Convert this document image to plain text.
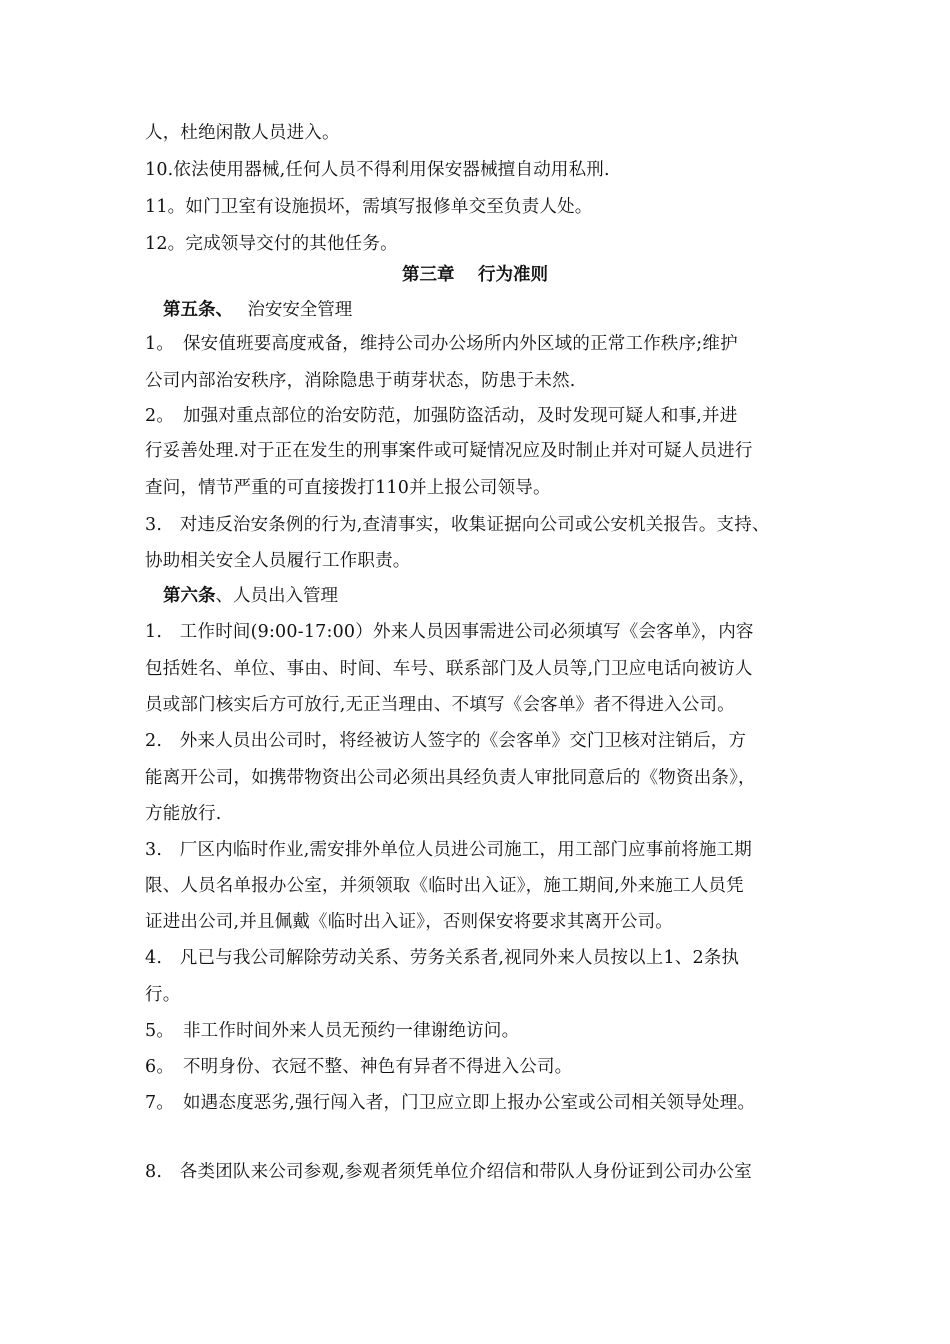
人，杜绝闲散人员进入。
10.依法使用器械,任何人员不得利用保安器械擅自动用私刑.
11。如门卫室有设施损坏，需填写报修单交至负责人处。
12。完成领导交付的其他任务。
第三章　 行为准则
第五条、　 治安安全管理
1。　保安值班要高度戒备，维持公司办公场所内外区域的正常工作秩序;维护
公司内部治安秩序，消除隐患于萌芽状态，防患于未然.
2。　加强对重点部位的治安防范，加强防盗活动，及时发现可疑人和事,并进
行妥善处理.对于正在发生的刑事案件或可疑情况应及时制止并对可疑人员进行
查问，情节严重的可直接拨打110并上报公司领导。
3.　对违反治安条例的行为,查清事实，收集证据向公司或公安机关报告。支持、
协助相关安全人员履行工作职责。
第六条、人员出入管理
1.　工作时间(9:00-17:00）外来人员因事需进公司必须填写《会客单》，内容
包括姓名、单位、事由、时间、车号、联系部门及人员等,门卫应电话向被访人
员或部门核实后方可放行,无正当理由、不填写《会客单》者不得进入公司。
2.　外来人员出公司时，将经被访人签字的《会客单》交门卫核对注销后，方
能离开公司，如携带物资出公司必须出具经负责人审批同意后的《物资出条》，
方能放行.
3.　厂区内临时作业,需安排外单位人员进公司施工，用工部门应事前将施工期
限、人员名单报办公室，并须领取《临时出入证》，施工期间,外来施工人员凭
证进出公司,并且佩戴《临时出入证》，否则保安将要求其离开公司。
4.　凡已与我公司解除劳动关系、劳务关系者,视同外来人员按以上1、2条执
行。
5。　非工作时间外来人员无预约一律谢绝访问。
6。　不明身份、衣冠不整、神色有异者不得进入公司。
7。　如遇态度恶劣,强行闯入者，门卫应立即上报办公室或公司相关领导处理。
8.　各类团队来公司参观,参观者须凭单位介绍信和带队人身份证到公司办公室
